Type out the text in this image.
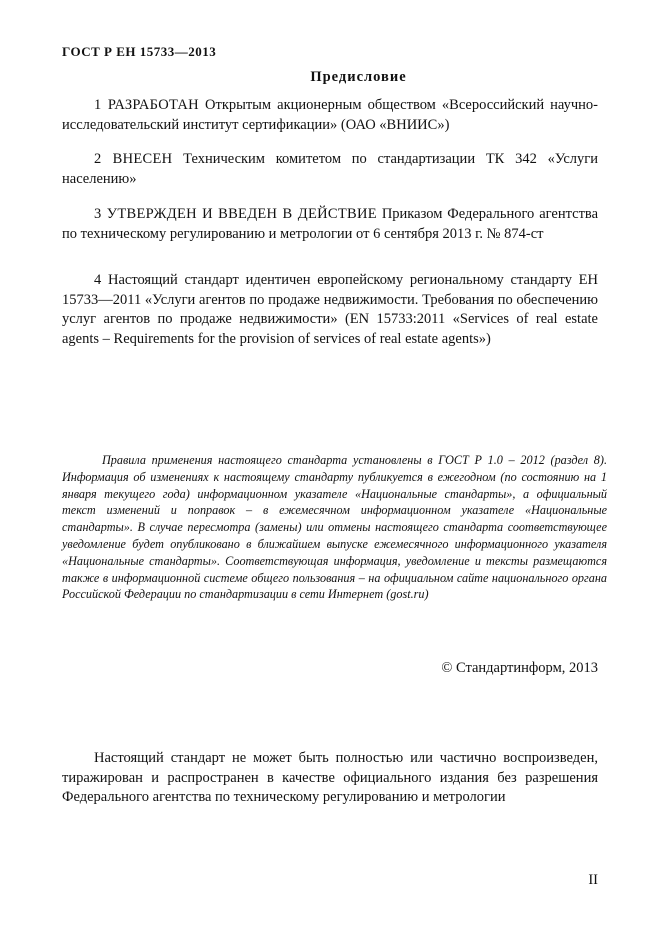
ГОСТ Р ЕН 15733—2013
Предисловие
1 РАЗРАБОТАН Открытым акционерным обществом «Всероссийский научно-исследовательский институт сертификации» (ОАО «ВНИИС»)
2 ВНЕСЕН Техническим комитетом по стандартизации ТК 342 «Услуги населению»
3 УТВЕРЖДЕН И ВВЕДЕН В ДЕЙСТВИЕ Приказом Федерального агентства по техническому регулированию и метрологии от 6 сентября 2013 г. № 874-ст
4 Настоящий стандарт идентичен европейскому региональному стандарту ЕН 15733—2011 «Услуги агентов по продаже недвижимости. Требования по обеспечению услуг агентов по продаже недвижимости» (EN 15733:2011 «Services of real estate agents – Requirements for the provision of services of real estate agents»)
Правила применения настоящего стандарта установлены в ГОСТ Р 1.0 – 2012 (раздел 8). Информация об изменениях к настоящему стандарту публикуется в ежегодном (по состоянию на 1 января текущего года) информационном указателе «Национальные стандарты», а официальный текст изменений и поправок – в ежемесячном информационном указателе «Национальные стандарты». В случае пересмотра (замены) или отмены настоящего стандарта соответствующее уведомление будет опубликовано в ближайшем выпуске ежемесячного информационного указателя «Национальные стандарты». Соответствующая информация, уведомление и тексты размещаются также в информационной системе общего пользования – на официальном сайте национального органа Российской Федерации по стандартизации в сети Интернет (gost.ru)
© Стандартинформ, 2013
Настоящий стандарт не может быть полностью или частично воспроизведен, тиражирован и распространен в качестве официального издания без разрешения Федерального агентства по техническому регулированию и метрологии
II
